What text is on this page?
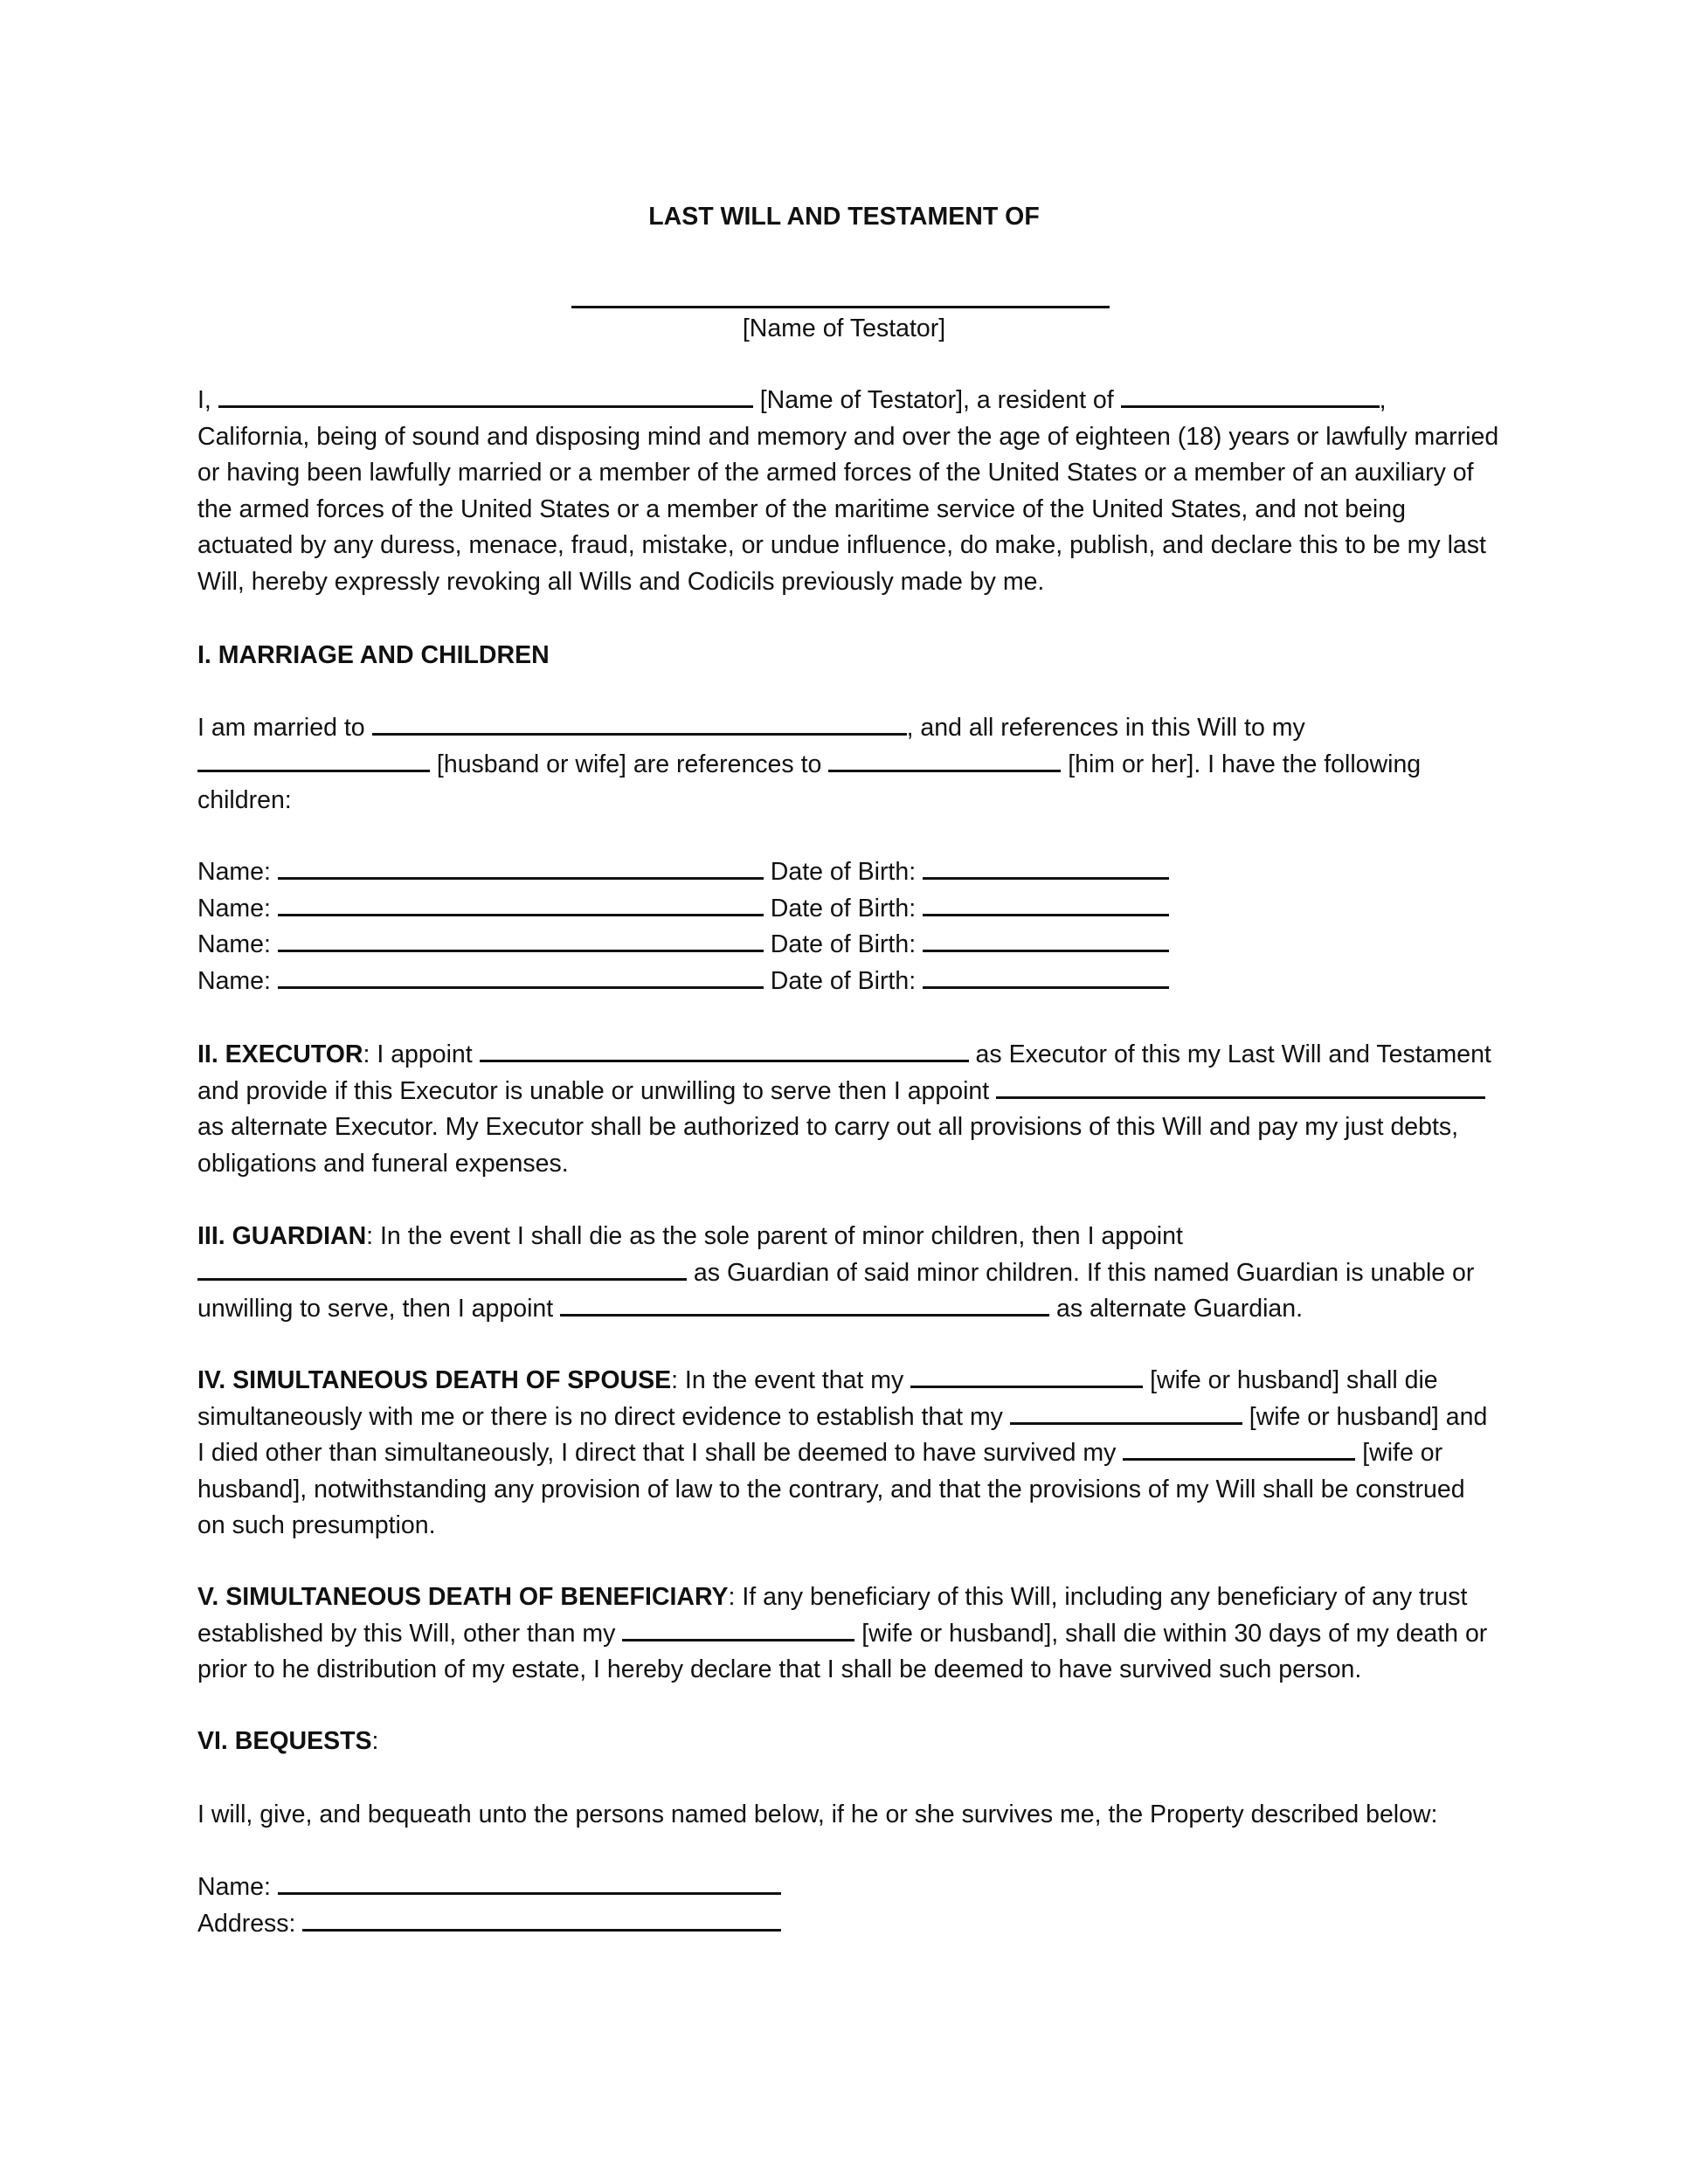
LAST WILL AND TESTAMENT OF
[Name of Testator]
I,	[Name of Testator], a resident of	,

California, being of sound and disposing mind and memory and over the age of eighteen (18) years or lawfully married or having been lawfully married or a member of the armed forces of the United States or a member of an auxiliary of the armed forces of the United States or a member of the maritime service of the United States, and not being actuated by any duress, menace, fraud, mistake, or undue influence, do make, publish, and declare this to be my last Will, hereby expressly revoking all Wills and Codicils previously made by me.

I. MARRIAGE AND CHILDREN
I am married to	, and all references in this Will to my

[husband or wife] are references to	[him or her]. I have the following children:

Name:	Date of Birth:
Name:	Date of Birth:
Name:	Date of Birth:
Name:	Date of Birth:

II. EXECUTOR: I appoint	as Executor of this my Last Will and Testament and provide if this Executor is unable or unwilling to serve then I appoint  as alternate Executor. My Executor shall be authorized to carry out all provisions of this Will and pay my just debts, obligations and funeral expenses.

III. GUARDIAN: In the event I shall die as the sole parent of minor children, then I appoint  as Guardian of said minor children. If this named Guardian is unable or unwilling to serve, then I appoint	as alternate Guardian.

IV. SIMULTANEOUS DEATH OF SPOUSE: In the event that my	[wife or husband] shall die simultaneously with me or there is no direct evidence to establish that my	[wife or husband] and I died other than simultaneously, I direct that I shall be deemed to have survived my	[wife or husband], notwithstanding any provision of law to the contrary, and that the provisions of my Will shall be construed on such presumption.

V. SIMULTANEOUS DEATH OF BENEFICIARY: If any beneficiary of this Will, including any beneficiary of any trust established by this Will, other than my	[wife or husband], shall die within 30 days of my death or prior to he distribution of my estate, I hereby declare that I shall be deemed to have survived such person.

VI. BEQUESTS:

I will, give, and bequeath unto the persons named below, if he or she survives me, the Property described below:

Name:
Address:
